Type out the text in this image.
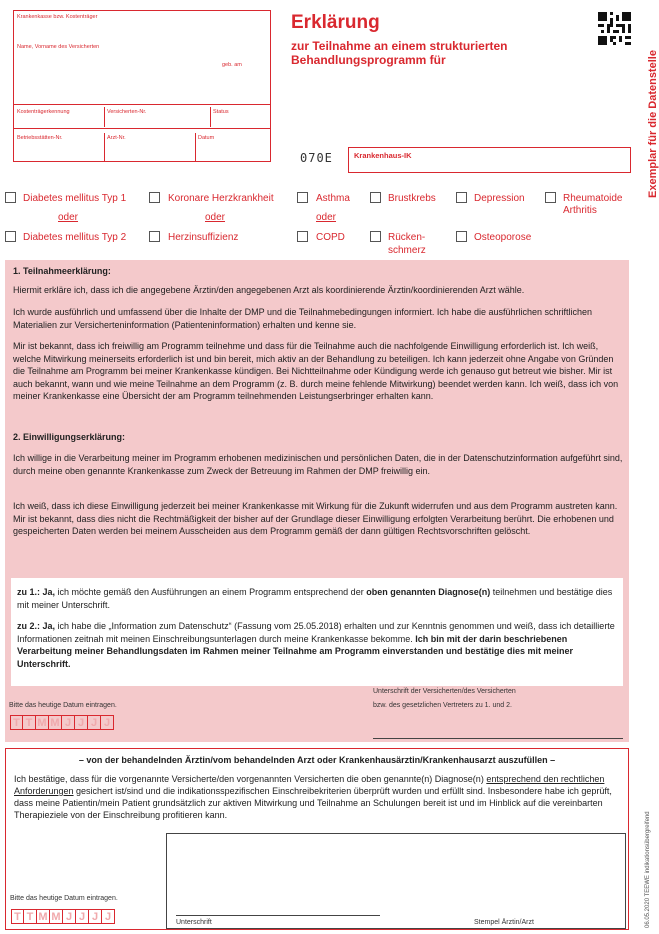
Krankenkasse bzw. Kostenträger
Name, Vorname des Versicherten
geb. am
Kostenträgerkennung	Versicherten-Nr.	Status
Betriebsstätten-Nr.	Arzt-Nr.	Datum
Erklärung
zur Teilnahme an einem strukturierten Behandlungsprogramm für	Exemplar für die Datenstelle
070E	Krankenhaus-IK
Diabetes mellitus Typ 1
oder
Diabetes mellitus Typ 2
Koronare Herzkrankheit
oder
Herzinsuffizienz
Asthma
oder
COPD
Brustkrebs
Rücken-
schmerz
Depression
Osteoporose
Rheumatoide
Arthritis
1. Teilnahmeerklärung:
Hiermit erkläre ich, dass ich die angegebene Ärztin/den angegebenen Arzt als koordinierende Ärztin/koordinierenden Arzt wähle.
Ich wurde ausführlich und umfassend über die Inhalte der DMP und die Teilnahmebedingungen informiert. Ich habe die ausführlichen schriftlichen Materialien zur Versicherteninformation (Patienteninformation) erhalten und kenne sie.
Mir ist bekannt, dass ich freiwillig am Programm teilnehme und dass für die Teilnahme auch die nachfolgende Einwilligung erforderlich ist. Ich weiß, welche Mitwirkung meinerseits erforderlich ist und bin bereit, mich aktiv an der Behandlung zu beteiligen. Ich kann jederzeit ohne Angabe von Gründen die Teilnahme am Programm bei meiner Krankenkasse kündigen. Bei Nichtteilnahme oder Kündigung werde ich genauso gut betreut wie bisher. Mir ist auch bekannt, wann und wie meine Teilnahme an dem Programm (z. B. durch meine fehlende Mitwirkung) beendet werden kann. Ich weiß, dass ich von meiner Krankenkasse eine Übersicht der am Programm teilnehmenden Leistungserbringer erhalten kann.
2. Einwilligungserklärung:
Ich willige in die Verarbeitung meiner im Programm erhobenen medizinischen und persönlichen Daten, die in der Datenschutzinformation aufgeführt sind, durch meine oben genannte Krankenkasse zum Zweck der Betreuung im Rahmen der DMP freiwillig ein.
Ich weiß, dass ich diese Einwilligung jederzeit bei meiner Krankenkasse mit Wirkung für die Zukunft widerrufen und aus dem Programm austreten kann. Mir ist bekannt, dass dies nicht die Rechtmäßigkeit der bisher auf der Grundlage dieser Einwilligung erfolgten Verarbeitung berührt. Die erhobenen und gespeicherten Daten werden bei meinem Ausscheiden aus dem Programm gemäß der dann gültigen Rechtsvorschriften gelöscht.
zu 1.: Ja, ich möchte gemäß den Ausführungen an einem Programm entsprechend der oben genannten Diagnose(n) teilnehmen und bestätige dies mit meiner Unterschrift.
zu 2.: Ja, ich habe die „Information zum Datenschutz“ (Fassung vom 25.05.2018) erhalten und zur Kenntnis genommen und weiß, dass ich detaillierte Informationen zeitnah mit meinen Einschreibungsunterlagen durch meine Krankenkasse bekomme. Ich bin mit der darin beschriebenen Verarbeitung meiner Behandlungsdaten im Rahmen meiner Teilnahme am Programm einverstanden und bestätige dies mit meiner Unterschrift.
Bitte das heutige Datum eintragen.
T T M M J J J J
Unterschrift der Versicherten/des Versicherten
bzw. des gesetzlichen Vertreters zu 1. und 2.
– von der behandelnden Ärztin/vom behandelnden Arzt oder Krankenhausärztin/Krankenhausarzt auszufüllen –
Ich bestätige, dass für die vorgenannte Versicherte/den vorgenannten Versicherten die oben genannte(n) Diagnose(n) entsprechend den rechtlichen Anforderungen gesichert ist/sind und die indikationsspezifischen Einschreibekriterien überprüft wurden und erfüllt sind. Insbesondere habe ich geprüft, dass meine Patientin/mein Patient grundsätzlich zur aktiven Mitwirkung und Teilnahme an Schulungen bereit ist und im Hinblick auf die vereinbarten Therapieziele von der Einschreibung profitieren kann.
Bitte das heutige Datum eintragen.
T T M M J J J J	Unterschrift	Stempel Ärztin/Arzt	06.05.2020 TEEWE indikationsübergreifend
